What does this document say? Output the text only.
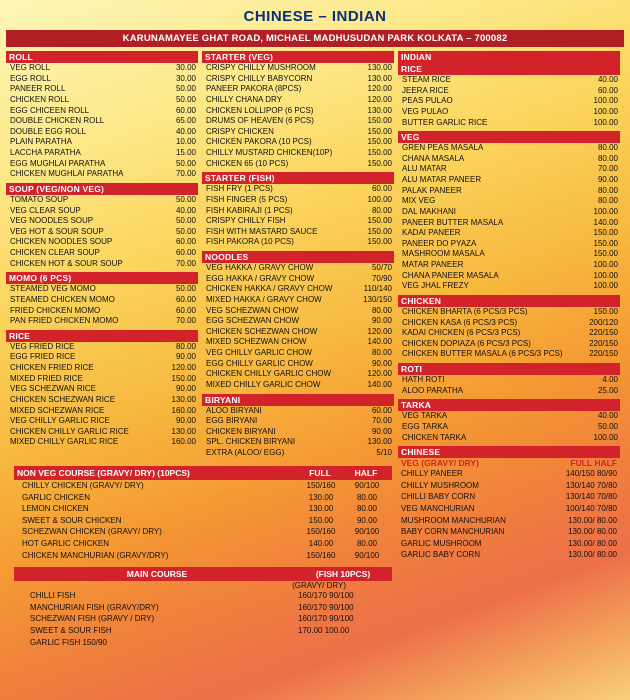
CHINESE – INDIAN
KARUNAMAYEE GHAT ROAD, MICHAEL MADHUSUDAN PARK KOLKATA – 700082
ROLL
VEG ROLL	30.00
EGG ROLL	30.00
PANEER ROLL	50.00
CHICKEN ROLL	50.00
EGG CHICEEN ROLL	60.00
DOUBLE CHICKEN ROLL	65.00
DOUBLE EGG ROLL	40.00
PLAIN PARATHA	10.00
LACCHA PARATHA	15.00
EGG MUGHLAI PARATHA	50.00
CHICKEN MUGHLAI PARATHA	70.00
SOUP (VEG/NON VEG)
TOMATO SOUP	50.00
VEG CLEAR SOUP	40.00
VEG NOODLES SOUP	50.00
VEG HOT & SOUR SOUP	50.00
CHICKEN NOODLES SOUP	60.00
CHICKEN CLEAR SOUP	60.00
CHICKEN HOT & SOUR SOUP	70.00
MOMO (6 PCS)
STEAMED VEG MOMO	50.00
STEAMED CHICKEN MOMO	60.00
FRIED CHICKEN MOMO	60.00
PAN FRIED CHICKEN MOMO	70.00
RICE
VEG FRIED RICE	80.00
EGG FRIED RICE	90.00
CHICKEN FRIED RICE	120.00
MIXED FRIED RICE	150.00
VEG SCHEZWAN RICE	90.00
CHICKEN SCHEZWAN RICE	130.00
MIXED SCHEZWAN RICE	160.00
VEG CHILLY GARLIC RICE	90.00
CHICKEN CHILLY GARLIC RICE	130.00
MIXED CHILLY GARLIC RICE	160.00
STARTER (VEG)
CRISPY CHILLY MUSHROOM	130.00
CRISPY CHILLY BABYCORN	130.00
PANEER PAKORA (8PCS)	120.00
CHILLY CHANA DRY	120.00
CHICKEN LOLLIPOP (6 PCS)	130.00
DRUMS OF HEAVEN (6 PCS)	150.00
CRISPY CHICKEN	150.00
CHICKEN PAKORA (10 PCS)	150.00
CHILLY MUSTARD CHICKEN(10P)	150.00
CHICKEN 65 (10 PCS)	150.00
STARTER (FISH)
FISH FRY (1 PCS)	60.00
FISH FINGER (5 PCS)	100.00
FISH KABIRAJI (1 PCS)	80.00
CRISPY CHILLY FISH	150.00
FISH WITH MASTARD SAUCE	150.00
FISH PAKORA (10 PCS)	150.00
NOODLES
VEG HAKKA / GRAVY CHOW	50/70
EGG HAKKA / GRAVY CHOW	70/90
CHICKEN HAKKA / GRAVY CHOW	110/140
MIXED HAKKA / GRAVY CHOW	130/150
VEG SCHEZWAN CHOW	80.00
EGG SCHEZWAN CHOW	90.00
CHICKEN SCHEZWAN CHOW	120.00
MIXED SCHEZWAN CHOW	140.00
VEG CHILLY GARLIC CHOW	80.00
EGG CHILLY GARLIC CHOW	90.00
CHICKEN CHILLY GARLIC CHOW	120.00
MIXED CHILLY GARLIC CHOW	140.00
BIRYANI
ALOO BIRYANI	60.00
EGG BIRYANI	70.00
CHICKEN BIRYANI	90.00
SPL. CHICKEN BIRYANI	130.00
EXTRA (ALOO/ EGG)	5/10
INDIAN
RICE
STEAM RICE	40.00
JEERA RICE	60.00
PEAS PULAO	100.00
VEG PULAO	100.00
BUTTER GARLIC RICE	100.00
VEG
GREN PEAS MASALA	80.00
CHANA MASALA	80.00
ALU MATAR	70.00
ALU MATAR PANEER	90.00
PALAK PANEER	80.00
MIX VEG	80.00
DAL MAKHANI	100.00
PANEER BUTTER MASALA	140.00
KADAI PANEER	150.00
PANEER DO PYAZA	150.00
MASHROOM MASALA	150.00
MATAR PANEER	100.00
CHANA PANEER MASALA	100.00
VEG JHAL FREZY	100.00
CHICKEN
CHICKEN BHARTA (6 PCS/3 PCS)	150.00
CHICKEN KASA (6 PCS/3 PCS)	200/120
KADAI CHICKEN (6 PCS/3 PCS)	220/150
CHICKEN DOPIAZA (6 PCS/3 PCS)	220/150
CHICKEN BUTTER MASALA (6 PCS/3 PCS)	220/150
ROTI
HATH ROTI	4.00
ALOO PARATHA	25.00
TARKA
VEG TARKA	40.00
EGG TARKA	50.00
CHICKEN TARKA	100.00
CHINESE
VEG (GRAVY/ DRY)	FULL HALF
CHILLY PANEER	140/150 80/90
CHILLY MUSHROOM	130/140 70/80
CHILLI BABY CORN	130/140 70/80
VEG MANCHURIAN	100/140 70/80
MUSHROOM MANCHURIAN	130.00/ 80.00
BABY CORN MANCHURIAN	130.00/ 80.00
GARLIC MUSHROOM	130.00/ 80.00
GARLIC BABY CORN	130.00/ 80.00
NON VEG COURSE (GRAVY/ DRY) (10PCS)	FULL	HALF
CHILLY CHICKEN (GRAVY/ DRY)	150/160	90/100
GARLIC CHICKEN	130.00	80.00
LEMON CHICKEN	130.00	80.00
SWEET & SOUR CHICKEN	150.00	90.00
SCHEZWAN CHICKEN (GRAVY/ DRY)	150/160	90/100
HOT GARLIC CHICKEN	140.00	80.00
CHICKEN MANCHURIAN (GRAVY/DRY)	150/160	90/100
MAIN COURSE	(FISH 10PCS)
(GRAVY/ DRY)
CHILLI FISH	160/170 90/100
MANCHURIAN FISH (GRAVY/DRY)	160/170 90/100
SCHEZWAN FISH (GRAVY / DRY)	160/170 90/100
SWEET & SOUR FISH	170.00 100.00
GARLIC FISH 150/90
